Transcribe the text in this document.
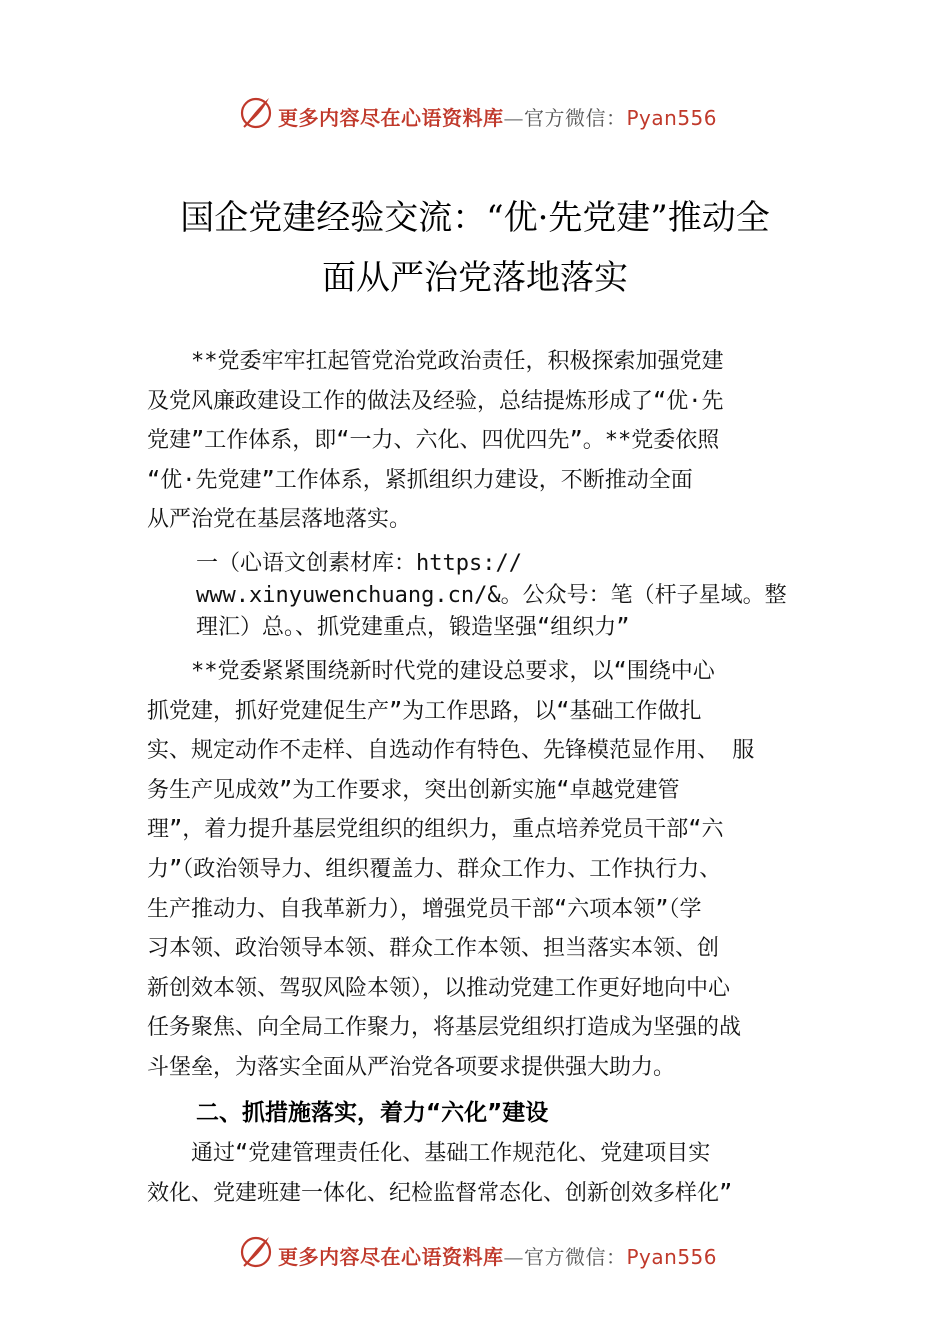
更多内容尽在心语资料库—官方微信：Pyan556
国企党建经验交流：“优·先党建”推动全
面从严治党落地落实
　　**党委牢牢扛起管党治党政治责任，积极探索加强党建
及党风廉政建设工作的做法及经验，总结提炼形成了“优·先
党建”工作体系，即“一力、六化、四优四先”。**党委依照
“优·先党建”工作体系，紧抓组织力建设，不断推动全面
从严治党在基层落地落实。
一（心语文创素材库：https://
www.xinyuwenchuang.cn/&。公众号：笔（杆子星域。整
理汇）总。、抓党建重点，锻造坚强“组织力”
　　**党委紧紧围绕新时代党的建设总要求，以“围绕中心
抓党建，抓好党建促生产”为工作思路，以“基础工作做扎
实、规定动作不走样、自选动作有特色、先锋模范显作用、 服
务生产见成效”为工作要求，突出创新实施“卓越党建管
理”，着力提升基层党组织的组织力，重点培养党员干部“六
力”（政治领导力、组织覆盖力、群众工作力、工作执行力、
生产推动力、自我革新力），增强党员干部“六项本领”（学
习本领、政治领导本领、群众工作本领、担当落实本领、创
新创效本领、驾驭风险本领），以推动党建工作更好地向中心
任务聚焦、向全局工作聚力，将基层党组织打造成为坚强的战
斗堡垒，为落实全面从严治党各项要求提供强大助力。
二、抓措施落实，着力“六化”建设
　　通过“党建管理责任化、基础工作规范化、党建项目实
效化、党建班建一体化、纪检监督常态化、创新创效多样化”
更多内容尽在心语资料库—官方微信：Pyan556
